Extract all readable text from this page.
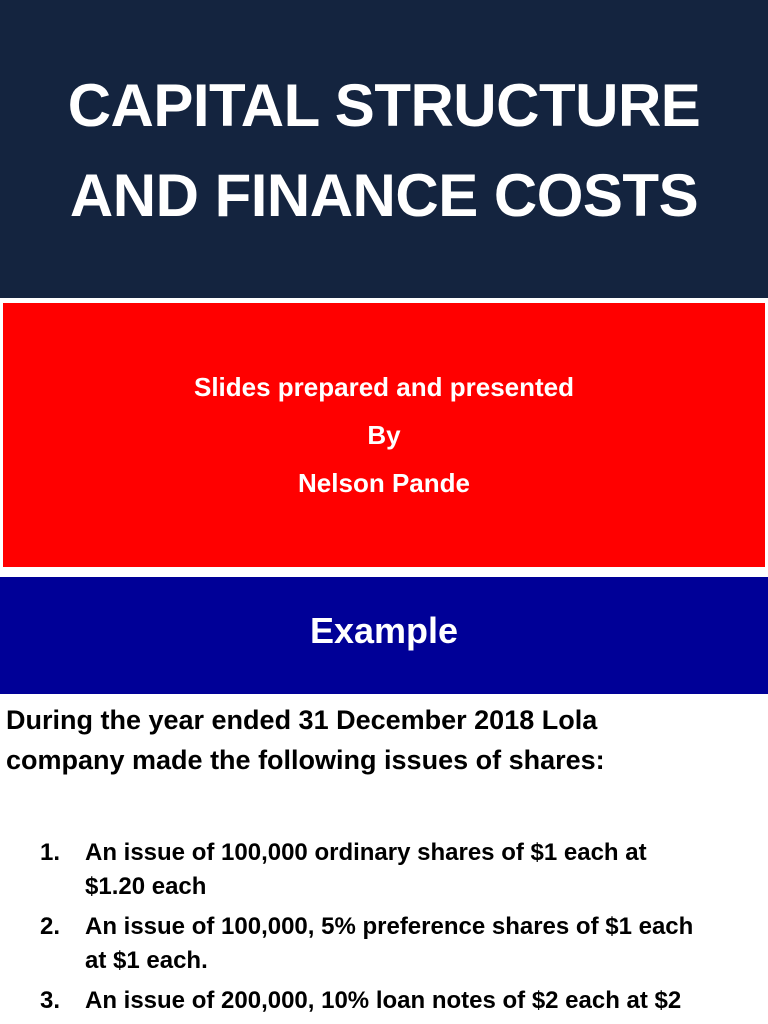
CAPITAL STRUCTURE
AND FINANCE COSTS
Slides prepared and presented
By
Nelson Pande
Example

During the year ended 31 December 2018 Lola

company made the following issues of shares:

1. An issue of 100,000 ordinary shares of $1 each at
$1.20 each
2. An issue of 100,000, 5% preference shares of $1 each
at $1 each.
3. An issue of 200,000, 10% loan notes of $2 each at $2
